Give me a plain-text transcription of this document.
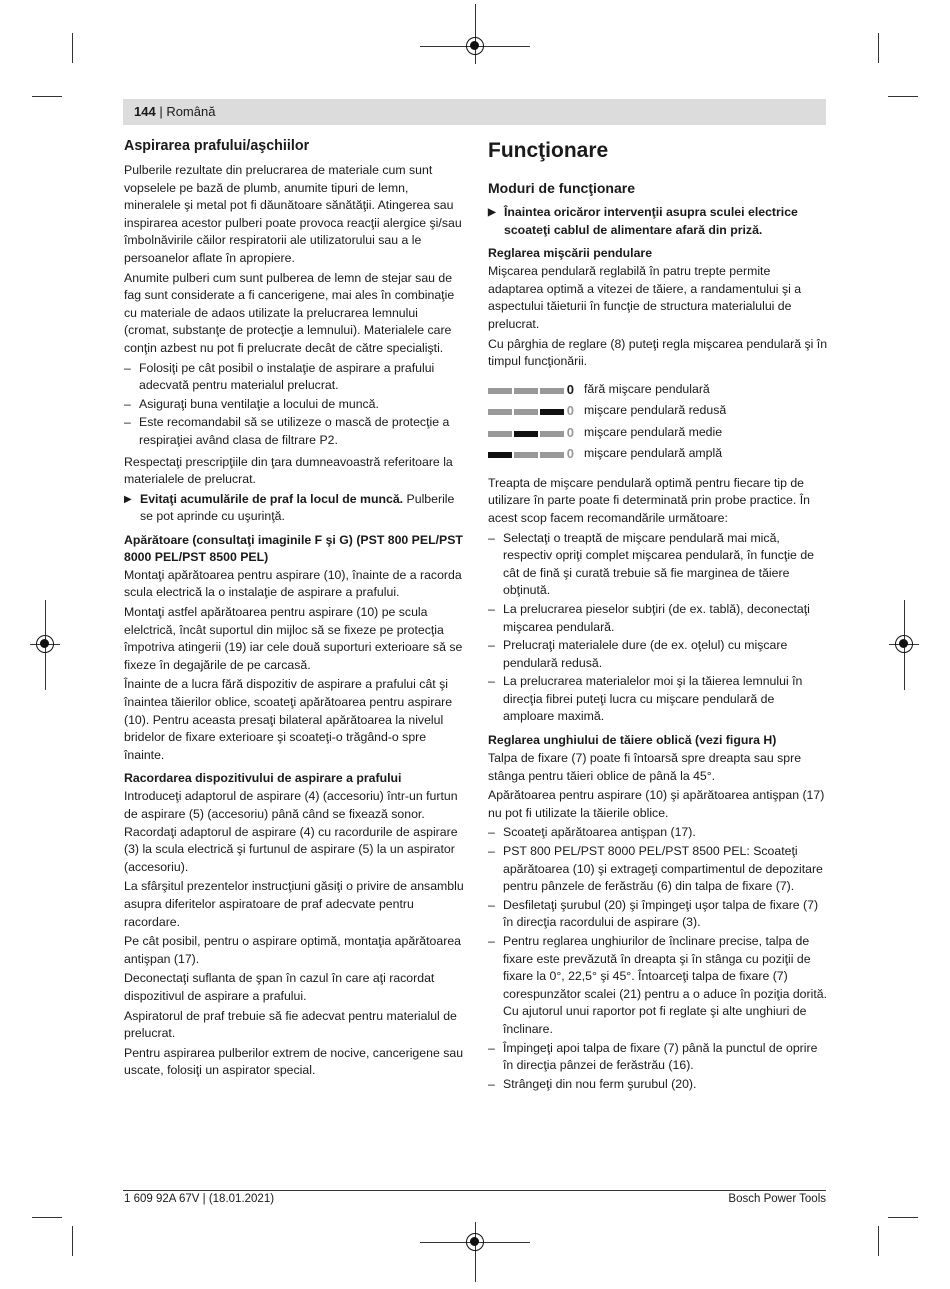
144 | Română
Aspirarea prafului/aşchiilor

Pulberile rezultate din prelucrarea de materiale cum sunt vopselele pe bază de plumb, anumite tipuri de lemn, mineralele şi metal pot fi dăunătoare sănătăţii. Atingerea sau inspirarea acestor pulberi poate provoca reacţii alergice şi/sau îmbolnăvirile căilor respiratorii ale utilizatorului sau a le persoanelor aflate în apropiere.

Anumite pulberi cum sunt pulberea de lemn de stejar sau de fag sunt considerate a fi cancerigene, mai ales în combinaţie cu materiale de adaos utilizate la prelucrarea lemnului (cromat, substanţe de protecţie a lemnului). Materialele care conţin azbest nu pot fi prelucrate decât de către specialişti.

– Folosiţi pe cât posibil o instalaţie de aspirare a prafului adecvată pentru materialul prelucrat.
– Asiguraţi buna ventilaţie a locului de muncă.
– Este recomandabil să se utilizeze o mască de protecţie a respiraţiei având clasa de filtrare P2.

Respectaţi prescripţiile din ţara dumneavoastră referitoare la materialele de prelucrat.

▶ Evitaţi acumulările de praf la locul de muncă. Pulberile se pot aprinde cu uşurinţă.
Apărătoare (consultaţi imaginile F şi G) (PST 800 PEL/PST 8000 PEL/PST 8500 PEL)

Montaţi apărătoarea pentru aspirare (10), înainte de a racorda scula electrică la o instalaţie de aspirare a prafului.

Montaţi astfel apărătoarea pentru aspirare (10) pe scula elelctrică, încât suportul din mijloc să se fixeze pe protecţia împotriva atingerii (19) iar cele două suporturi exterioare să se fixeze în degajările de pe carcasă.

Înainte de a lucra fără dispozitiv de aspirare a prafului cât şi înaintea tăierilor oblice, scoateţi apărătoarea pentru aspirare (10). Pentru aceasta presaţi bilateral apărătoarea la nivelul bridelor de fixare exterioare şi scoateţi-o trăgând-o spre înainte.

Racordarea dispozitivului de aspirare a prafului

Introduceţi adaptorul de aspirare (4) (accesoriu) într-un furtun de aspirare (5) (accesoriu) până când se fixează sonor. Racordaţi adaptorul de aspirare (4) cu racordurile de aspirare (3) la scula electrică şi furtunul de aspirare (5) la un aspirator (accesoriu).

La sfârşitul prezentelor instrucţiuni găsiţi o privire de ansamblu asupra diferitelor aspiratoare de praf adecvate pentru racordare.

Pe cât posibil, pentru o aspirare optimă, montaţia apărătoarea antişpan (17).

Deconectaţi suflanta de şpan în cazul în care aţi racordat dispozitivul de aspirare a prafului.

Aspiratorul de praf trebuie să fie adecvat pentru materialul de prelucrat.

Pentru aspirarea pulberilor extrem de nocive, cancerigene sau uscate, folosiţi un aspirator special.

Funcţionare
Moduri de funcţionare
▶ Înaintea oricăror intervenţii asupra sculei electrice scoateţi cablul de alimentare afară din priză.
Reglarea mişcării pendulare

Mişcarea pendulară reglabilă în patru trepte permite adaptarea optimă a vitezei de tăiere, a randamentului şi a aspectului tăieturii în funcţie de structura materialului de prelucrat.

Cu pârghia de reglare (8) puteţi regla mişcarea pendulară şi în timpul funcţionării.

0 fără mişcare pendulară
0 mişcare pendulară redusă
0 mişcare pendulară medie
0 mişcare pendulară amplă

Treapta de mişcare pendulară optimă pentru fiecare tip de utilizare în parte poate fi determinată prin probe practice. În acest scop facem recomandările următoare:

– Selectaţi o treaptă de mişcare pendulară mai mică, respectiv opriţi complet mişcarea pendulară, în funcţie de cât de fină şi curată trebuie să fie marginea de tăiere obţinută.
– La prelucrarea pieselor subţiri (de ex. tablă), deconectaţi mişcarea pendulară.
– Prelucraţi materialele dure (de ex. oţelul) cu mişcare pendulară redusă.
– La prelucrarea materialelor moi şi la tăierea lemnului în direcţia fibrei puteţi lucra cu mişcare pendulară de amploare maximă.
Reglarea unghiului de tăiere oblică (vezi figura H)

Talpa de fixare (7) poate fi întoarsă spre dreapta sau spre stânga pentru tăieri oblice de până la 45°.

Apărătoarea pentru aspirare (10) şi apărătoarea antişpan (17) nu pot fi utilizate la tăierile oblice.

– Scoateţi apărătoarea antişpan (17).
– PST 800 PEL/PST 8000 PEL/PST 8500 PEL: Scoateţi apărătoarea (10) şi extrageţi compartimentul de depozitare pentru pânzele de ferăstrău (6) din talpa de fixare (7).
– Desfiletaţi şurubul (20) şi împingeţi uşor talpa de fixare (7) în direcţia racordului de aspirare (3).
– Pentru reglarea unghiurilor de înclinare precise, talpa de fixare este prevăzută în dreapta şi în stânga cu poziţii de fixare la 0°, 22,5° şi 45°. Întoarceţi talpa de fixare (7) corespunzător scalei (21) pentru a o aduce în poziţia dorită. Cu ajutorul unui raportor pot fi reglate şi alte unghiuri de înclinare.
– Împingeţi apoi talpa de fixare (7) până la punctul de oprire în direcţia pânzei de ferăstrău (16).
– Strângeţi din nou ferm şurubul (20).
1 609 92A 67V | (18.01.2021)	Bosch Power Tools
